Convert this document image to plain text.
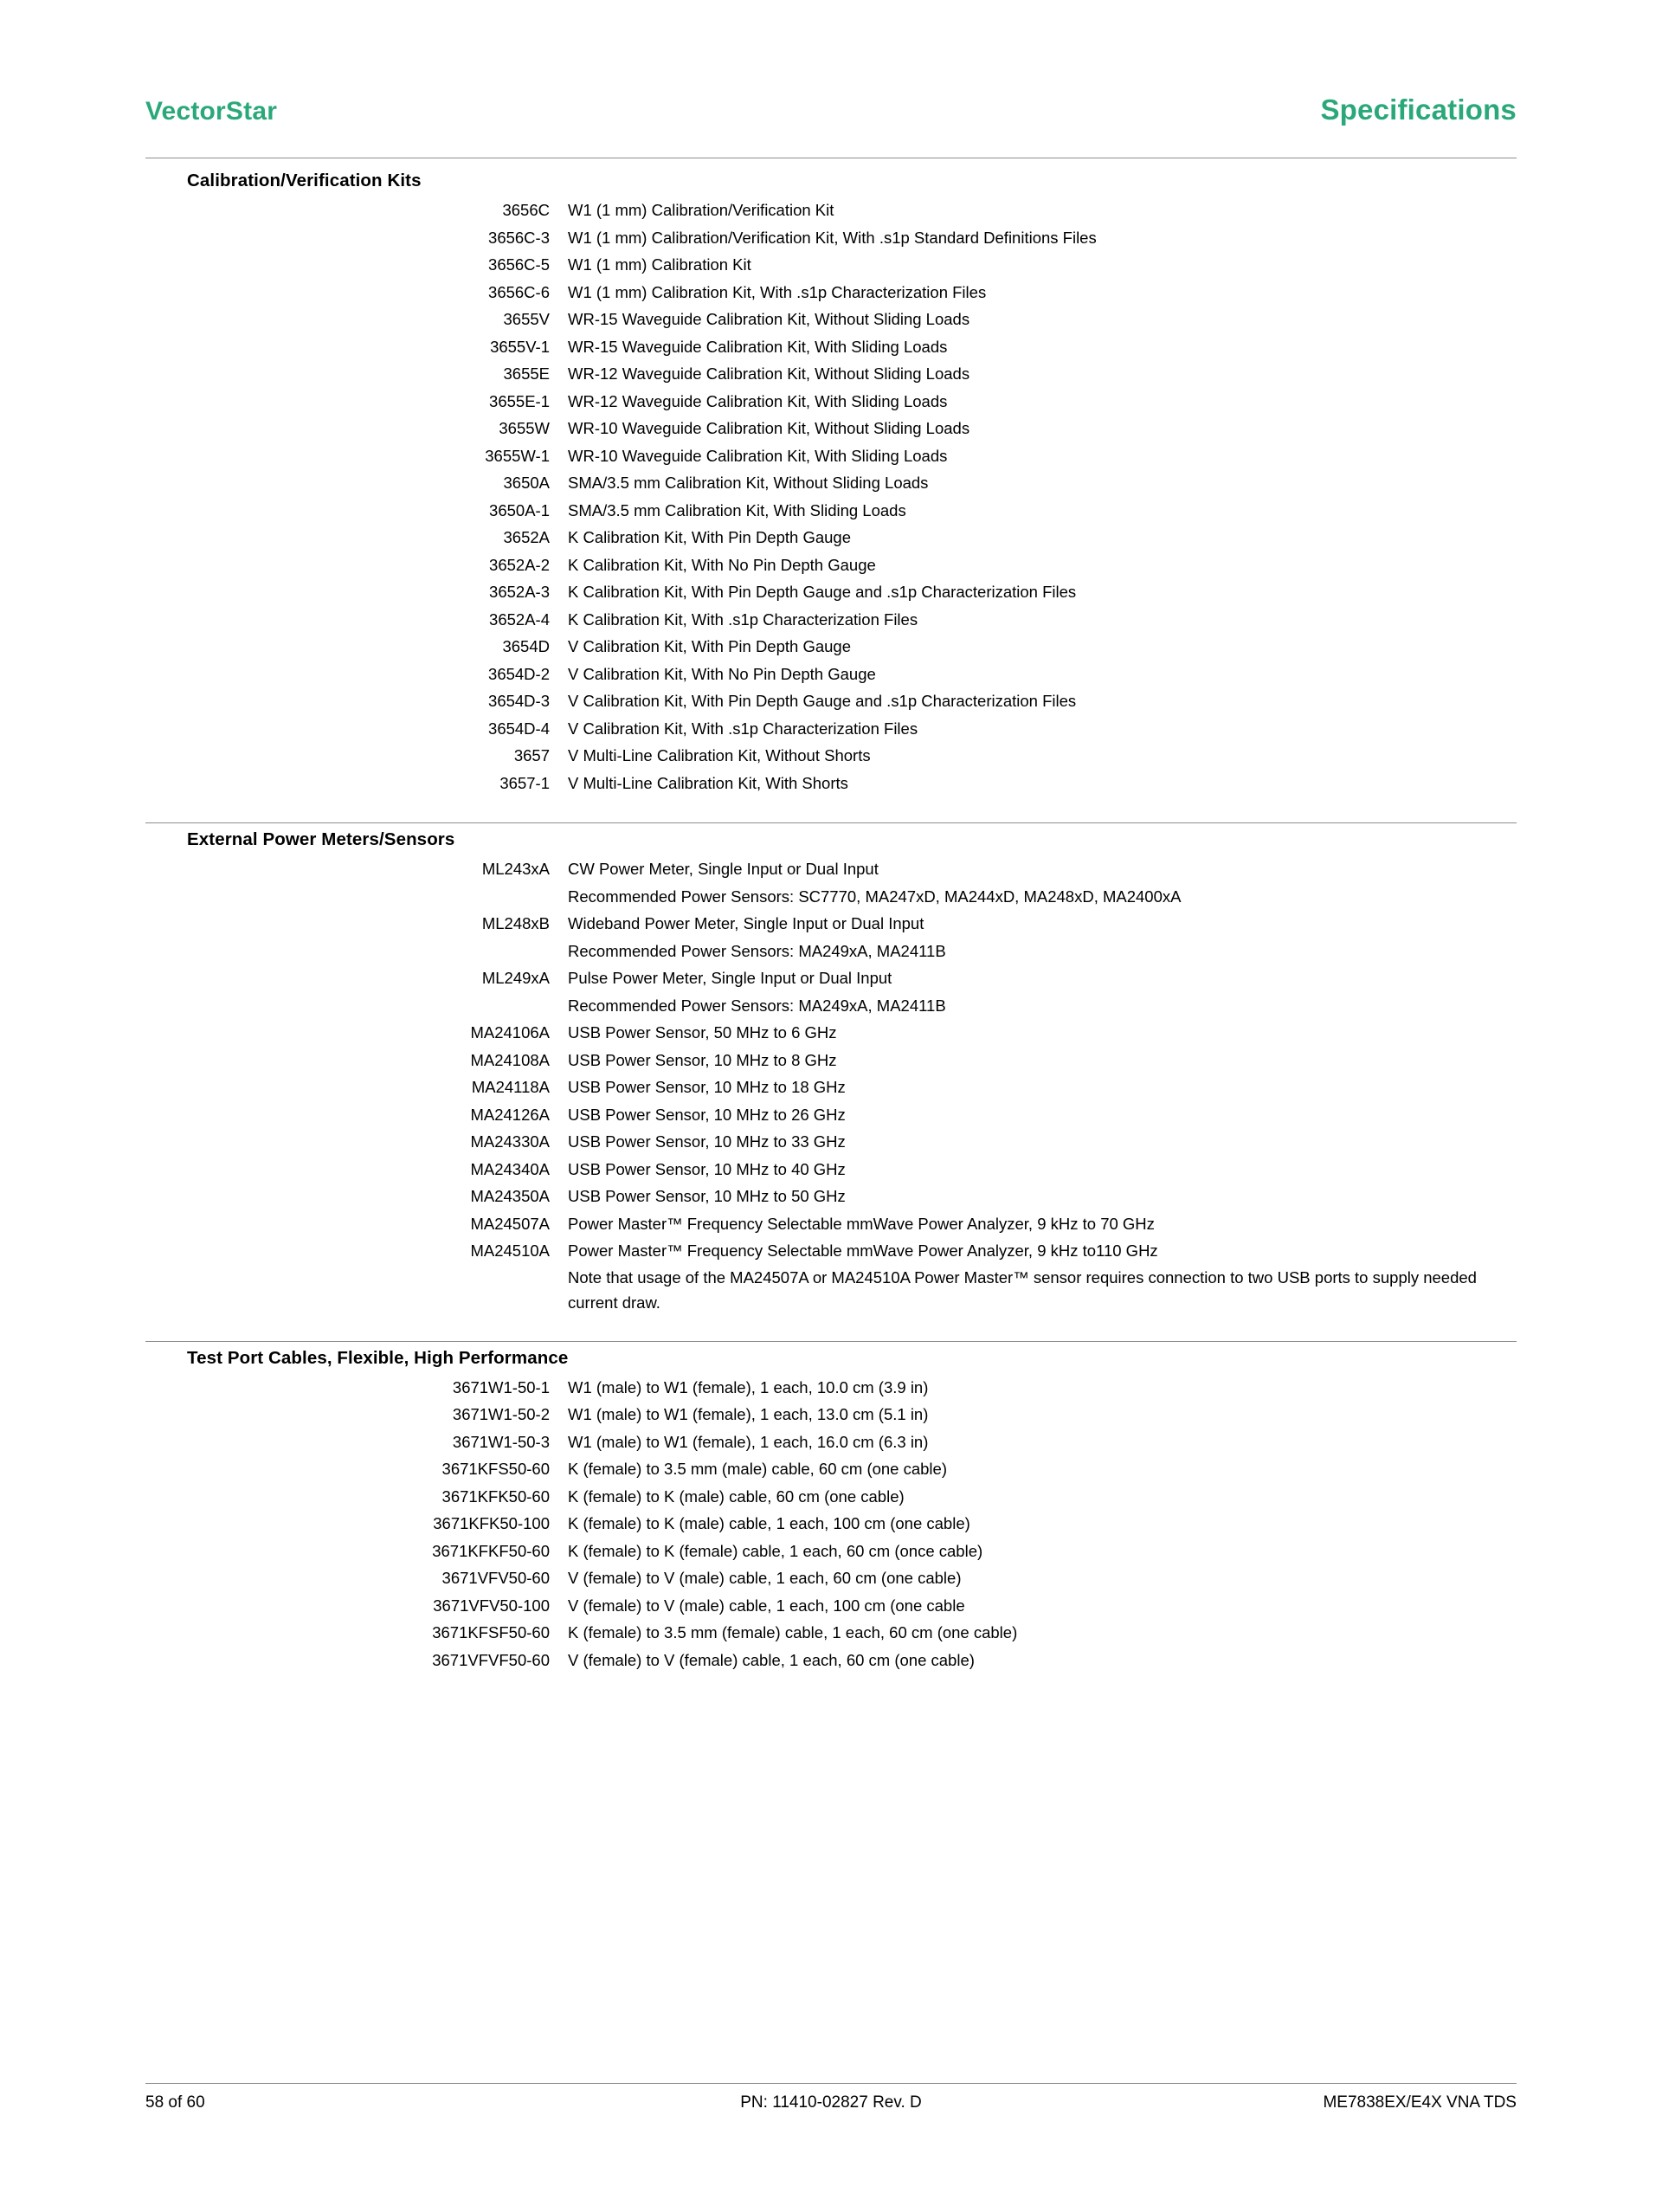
VectorStar	Specifications
Calibration/Verification Kits
3656C	W1 (1 mm) Calibration/Verification Kit
3656C-3	W1 (1 mm) Calibration/Verification Kit, With .s1p Standard Definitions Files
3656C-5	W1 (1 mm) Calibration Kit
3656C-6	W1 (1 mm) Calibration Kit, With .s1p Characterization Files
3655V	WR-15 Waveguide Calibration Kit, Without Sliding Loads
3655V-1	WR-15 Waveguide Calibration Kit, With Sliding Loads
3655E	WR-12 Waveguide Calibration Kit, Without Sliding Loads
3655E-1	WR-12 Waveguide Calibration Kit, With Sliding Loads
3655W	WR-10 Waveguide Calibration Kit, Without Sliding Loads
3655W-1	WR-10 Waveguide Calibration Kit, With Sliding Loads
3650A	SMA/3.5 mm Calibration Kit, Without Sliding Loads
3650A-1	SMA/3.5 mm Calibration Kit, With Sliding Loads
3652A	K Calibration Kit, With Pin Depth Gauge
3652A-2	K Calibration Kit, With No Pin Depth Gauge
3652A-3	K Calibration Kit, With Pin Depth Gauge and .s1p Characterization Files
3652A-4	K Calibration Kit, With .s1p Characterization Files
3654D	V Calibration Kit, With Pin Depth Gauge
3654D-2	V Calibration Kit, With No Pin Depth Gauge
3654D-3	V Calibration Kit, With Pin Depth Gauge and .s1p Characterization Files
3654D-4	V Calibration Kit, With .s1p Characterization Files
3657	V Multi-Line Calibration Kit, Without Shorts
3657-1	V Multi-Line Calibration Kit, With Shorts
External Power Meters/Sensors
ML243xA	CW Power Meter, Single Input or Dual Input
Recommended Power Sensors: SC7770, MA247xD, MA244xD, MA248xD, MA2400xA
ML248xB	Wideband Power Meter, Single Input or Dual Input
Recommended Power Sensors: MA249xA, MA2411B
ML249xA	Pulse Power Meter, Single Input or Dual Input
Recommended Power Sensors: MA249xA, MA2411B
MA24106A	USB Power Sensor, 50 MHz to 6 GHz
MA24108A	USB Power Sensor, 10 MHz to 8 GHz
MA24118A	USB Power Sensor, 10 MHz to 18 GHz
MA24126A	USB Power Sensor, 10 MHz to 26 GHz
MA24330A	USB Power Sensor, 10 MHz to 33 GHz
MA24340A	USB Power Sensor, 10 MHz to 40 GHz
MA24350A	USB Power Sensor, 10 MHz to 50 GHz
MA24507A	Power Master™ Frequency Selectable mmWave Power Analyzer, 9 kHz to 70 GHz
MA24510A	Power Master™ Frequency Selectable mmWave Power Analyzer, 9 kHz to110 GHz
Note that usage of the MA24507A or MA24510A Power Master™ sensor requires connection to two USB ports to supply needed current draw.
Test Port Cables, Flexible, High Performance
3671W1-50-1	W1 (male) to W1 (female), 1 each, 10.0 cm (3.9 in)
3671W1-50-2	W1 (male) to W1 (female), 1 each, 13.0 cm (5.1 in)
3671W1-50-3	W1 (male) to W1 (female), 1 each, 16.0 cm (6.3 in)
3671KFS50-60	K (female) to 3.5 mm (male) cable, 60 cm (one cable)
3671KFK50-60	K (female) to K (male) cable, 60 cm (one cable)
3671KFK50-100	K (female) to K (male) cable, 1 each, 100 cm (one cable)
3671KFKF50-60	K (female) to K (female) cable, 1 each, 60 cm (once cable)
3671VFV50-60	V (female) to V (male) cable, 1 each, 60 cm (one cable)
3671VFV50-100	V (female) to V (male) cable, 1 each, 100 cm (one cable
3671KFSF50-60	K (female) to 3.5 mm (female) cable, 1 each, 60 cm (one cable)
3671VFVF50-60	V (female) to V (female) cable, 1 each, 60 cm (one cable)
58 of 60	PN: 11410-02827 Rev. D	ME7838EX/E4X VNA TDS
